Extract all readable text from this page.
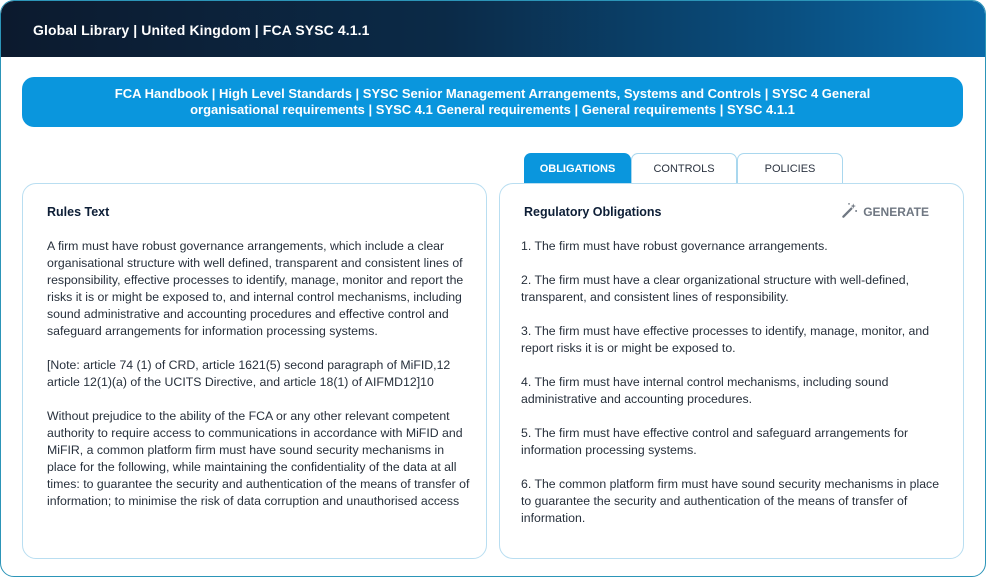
Global Library | United Kingdom | FCA SYSC 4.1.1
FCA Handbook | High Level Standards | SYSC Senior Management Arrangements, Systems and Controls | SYSC 4 General organisational requirements | SYSC 4.1 General requirements | General requirements | SYSC 4.1.1
OBLIGATIONS	CONTROLS	POLICIES
Rules Text

A firm must have robust governance arrangements, which include a clear organisational structure with well defined, transparent and consistent lines of responsibility, effective processes to identify, manage, monitor and report the risks it is or might be exposed to, and internal control mechanisms, including sound administrative and accounting procedures and effective control and safeguard arrangements for information processing systems.

[Note: article 74 (1) of CRD, article 1621(5) second paragraph of MiFID,12 article 12(1)(a) of the UCITS Directive, and article 18(1) of AIFMD12]10

Without prejudice to the ability of the FCA or any other relevant competent authority to require access to communications in accordance with MiFID and MiFIR, a common platform firm must have sound security mechanisms in place for the following, while maintaining the confidentiality of the data at all times: to guarantee the security and authentication of the means of transfer of information; to minimise the risk of data corruption and unauthorised access

Regulatory Obligations	GENERATE
1. The firm must have robust governance arrangements.
2. The firm must have a clear organizational structure with well-defined, transparent, and consistent lines of responsibility.
3. The firm must have effective processes to identify, manage, monitor, and report risks it is or might be exposed to.
4. The firm must have internal control mechanisms, including sound administrative and accounting procedures.
5. The firm must have effective control and safeguard arrangements for information processing systems.
6. The common platform firm must have sound security mechanisms in place to guarantee the security and authentication of the means of transfer of information.
